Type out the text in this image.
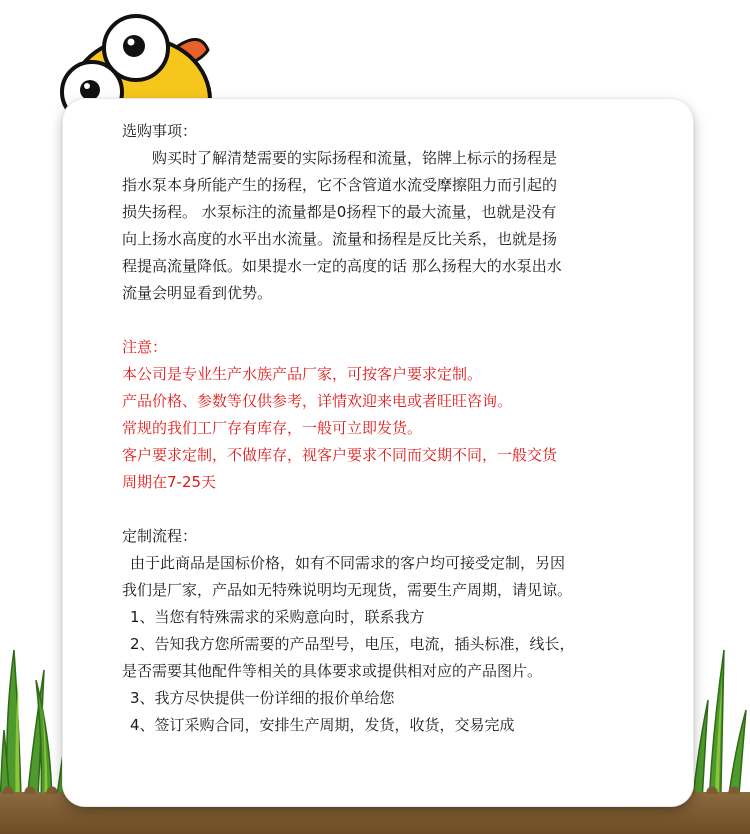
选购事项：

购买时了解清楚需要的实际扬程和流量，铭牌上标示的扬程是

指水泵本身所能产生的扬程，它不含管道水流受摩擦阻力而引起的

损失扬程。 水泵标注的流量都是0扬程下的最大流量，也就是没有

向上扬水高度的水平出水流量。流量和扬程是反比关系，也就是扬

程提高流量降低。如果提水一定的高度的话 那么扬程大的水泵出水

流量会明显看到优势。

注意：

本公司是专业生产水族产品厂家，可按客户要求定制。

产品价格、参数等仅供参考，详情欢迎来电或者旺旺咨询。

常规的我们工厂存有库存，一般可立即发货。

客户要求定制，不做库存，视客户要求不同而交期不同，一般交货

周期在7-25天

定制流程：

由于此商品是国标价格，如有不同需求的客户均可接受定制，另因

我们是厂家，产品如无特殊说明均无现货，需要生产周期，请见谅。

1、当您有特殊需求的采购意向时，联系我方

2、告知我方您所需要的产品型号，电压，电流，插头标准，线长，

是否需要其他配件等相关的具体要求或提供相对应的产品图片。

3、我方尽快提供一份详细的报价单给您

4、签订采购合同，安排生产周期，发货，收货，交易完成
